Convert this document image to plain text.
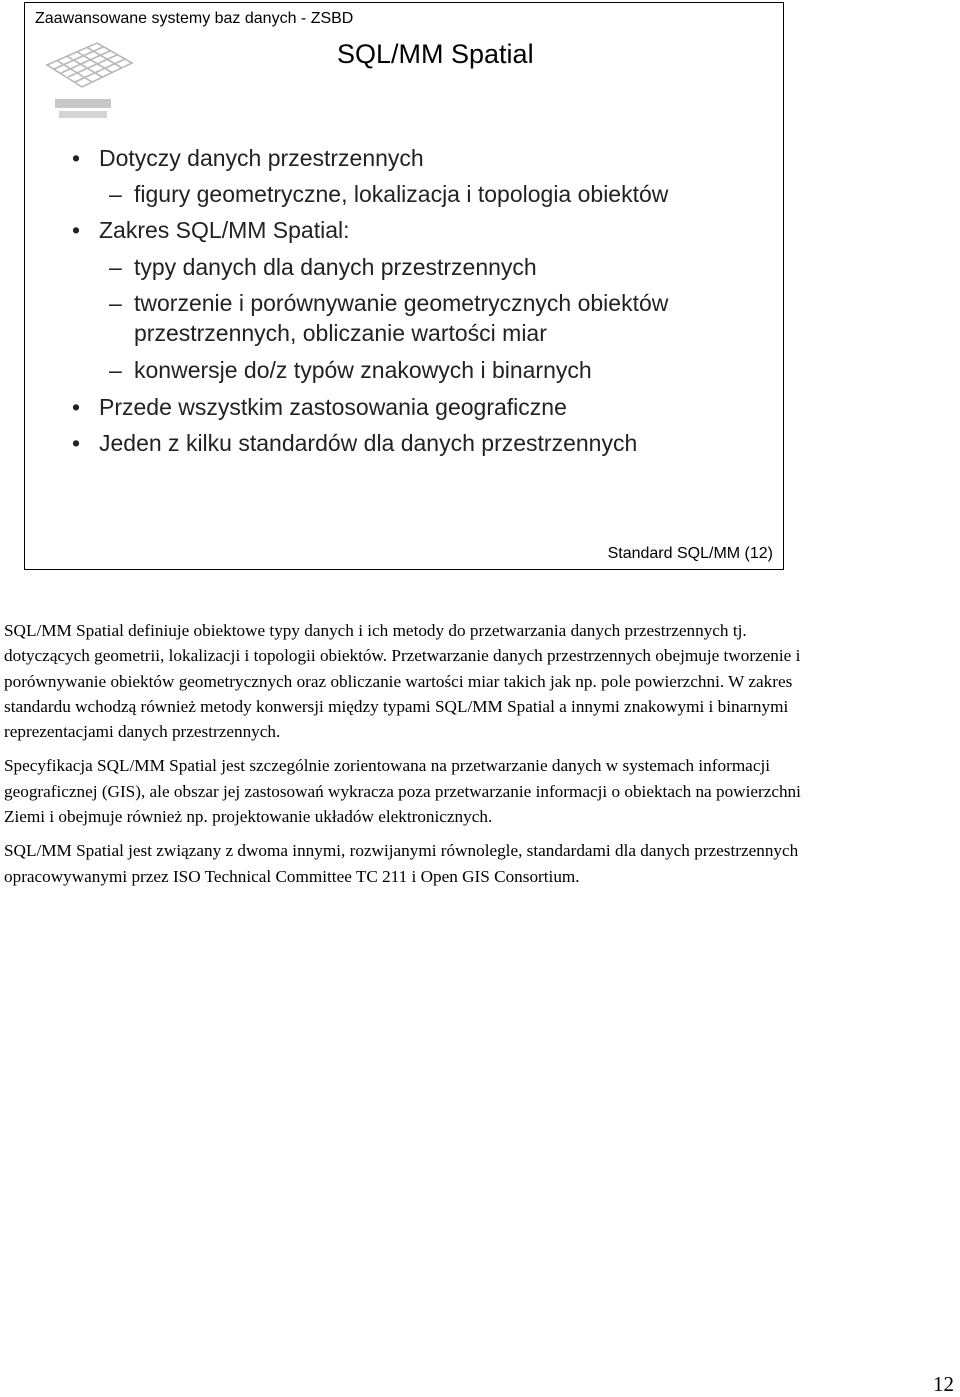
Zaawansowane systemy baz danych - ZSBD
SQL/MM Spatial
• Dotyczy danych przestrzennych
– figury geometryczne, lokalizacja i topologia obiektów
• Zakres SQL/MM Spatial:
– typy danych dla danych przestrzennych
– tworzenie i porównywanie geometrycznych obiektów
przestrzennych, obliczanie wartości miar
– konwersje do/z typów znakowych i binarnych
• Przede wszystkim zastosowania geograficzne
• Jeden z kilku standardów dla danych przestrzennych
Standard SQL/MM (12)

SQL/MM Spatial definiuje obiektowe typy danych i ich metody do przetwarzania danych przestrzennych tj. dotyczących geometrii, lokalizacji i topologii obiektów. Przetwarzanie danych przestrzennych obejmuje tworzenie i porównywanie obiektów geometrycznych oraz obliczanie wartości miar takich jak np. pole powierzchni. W zakres standardu wchodzą również metody konwersji między typami SQL/MM Spatial a innymi znakowymi i binarnymi reprezentacjami danych przestrzennych.

Specyfikacja SQL/MM Spatial jest szczególnie zorientowana na przetwarzanie danych w systemach informacji geograficznej (GIS), ale obszar jej zastosowań wykracza poza przetwarzanie informacji o obiektach na powierzchni Ziemi i obejmuje również np. projektowanie układów elektronicznych.

SQL/MM Spatial jest związany z dwoma innymi, rozwijanymi równolegle, standardami dla danych przestrzennych opracowywanymi przez ISO Technical Committee TC 211 i Open GIS Consortium.

12
